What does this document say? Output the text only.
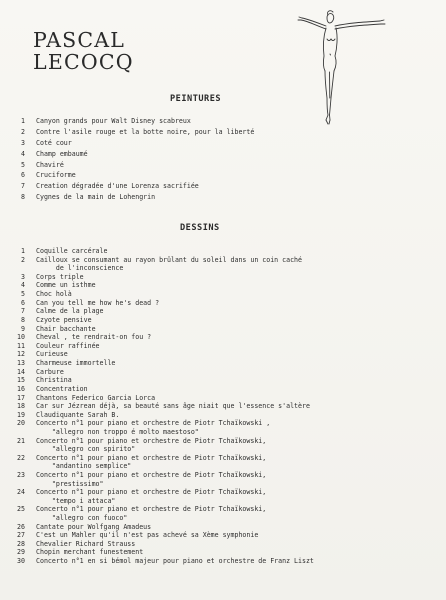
PASCAL
LECOCQ
PEINTURES
1 Canyon grands pour Walt Disney scabreux
2 Contre l'asile rouge et la botte noire, pour la liberté
3 Coté cour
4 Champ embaumé
5 Chaviré
6 Cruciforme
7 Creation dégradée d'une Lorenza sacrifiée
8 Cygnes de la main de Lohengrin
DESSINS
1 Coquille carcérale
2 Cailloux se consumant au rayon brûlant du soleil dans un coin caché
de l'inconscience
3 Corps triple
4 Comme un isthme
5 Choc holà
6 Can you tell me how he's dead ?
7 Calme de la plage
8 Czyote pensive
9 Chair bacchante
10 Cheval , te rendrait-on fou ?
11 Couleur raffinée
12 Curieuse
13 Charmeuse immortelle
14 Carbure
15 Christina
16 Concentration
17 Chantons Federico Garcia Lorca
18 Car sur Jézrean déjà, sa beauté sans âge niait que l'essence s'altère
19 Claudiquante Sarah B.
20 Concerto n°1 pour piano et orchestre de Piotr Tchaïkowski ,
"allegro non troppo é molto maestoso"
21 Concerto n°1 pour piano et orchestre de Piotr Tchaïkowski,
"allegro con spirito"
22 Concerto n°1 pour piano et orchestre de Piotr Tchaïkowski,
"andantino semplice"
23 Concerto n°1 pour piano et orchestre de Piotr Tchaïkowski,
"prestissimo"
24 Concerto n°1 pour piano et orchestre de Piotr Tchaïkowski,
"tempo i attaca"
25 Concerto n°1 pour piano et orchestre de Piotr Tchaïkowski,
"allegro con fuoco"
26 Cantate pour Wolfgang Amadeus
27 C'est un Mahler qu'il n'est pas achevé sa Xème symphonie
28 Chevalier Richard Strauss
29 Chopin merchant funestement
30 Concerto n°1 en si bémol majeur pour piano et orchestre de Franz Liszt
